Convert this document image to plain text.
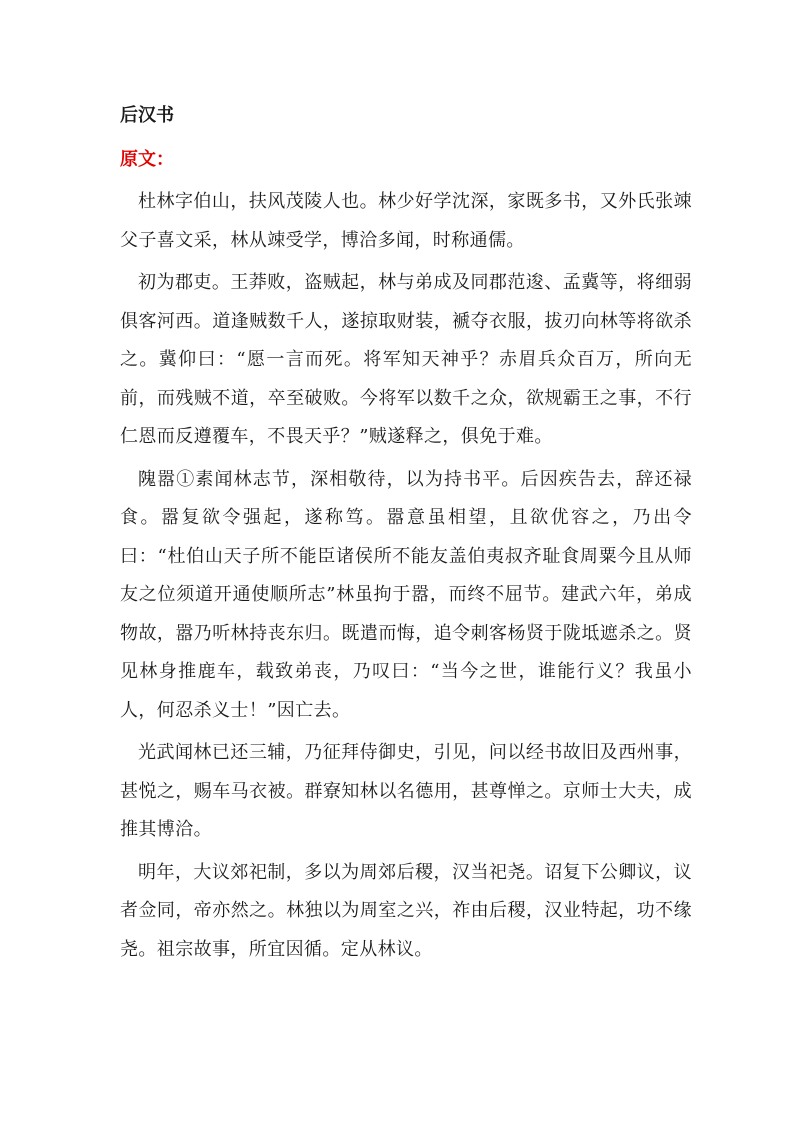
后汉书
原文：

杜林字伯山，扶风茂陵人也。林少好学沈深，家既多书，又外氏张竦父子喜文采，林从竦受学，博洽多闻，时称通儒。

初为郡吏。王莽败，盗贼起，林与弟成及同郡范逡、孟冀等，将细弱俱客河西。道逢贼数千人，遂掠取财装，褫夺衣服，拔刃向林等将欲杀之。冀仰曰：“愿一言而死。将军知天神乎？赤眉兵众百万，所向无前，而残贼不道，卒至破败。今将军以数千之众，欲规霸王之事，不行仁恩而反遵覆车，不畏天乎？”贼遂释之，俱免于难。

隗嚣①素闻林志节，深相敬待，以为持书平。后因疾告去，辞还禄食。嚣复欲令强起，遂称笃。嚣意虽相望，且欲优容之，乃出令曰：“杜伯山天子所不能臣诸侯所不能友盖伯夷叔齐耻食周粟今且从师友之位须道开通使顺所志”林虽拘于嚣，而终不屈节。建武六年，弟成物故，嚣乃听林持丧东归。既遣而悔，追令刺客杨贤于陇坻遮杀之。贤见林身推鹿车，载致弟丧，乃叹曰：“当今之世，谁能行义？我虽小人，何忍杀义士！”因亡去。

光武闻林已还三辅，乃征拜侍御史，引见，问以经书故旧及西州事，甚悦之，赐车马衣被。群寮知林以名德用，甚尊惮之。京师士大夫，成推其博洽。

明年，大议郊祀制，多以为周郊后稷，汉当祀尧。诏复下公卿议，议者佥同，帝亦然之。林独以为周室之兴，祚由后稷，汉业特起，功不缘尧。祖宗故事，所宜因循。定从林议。
